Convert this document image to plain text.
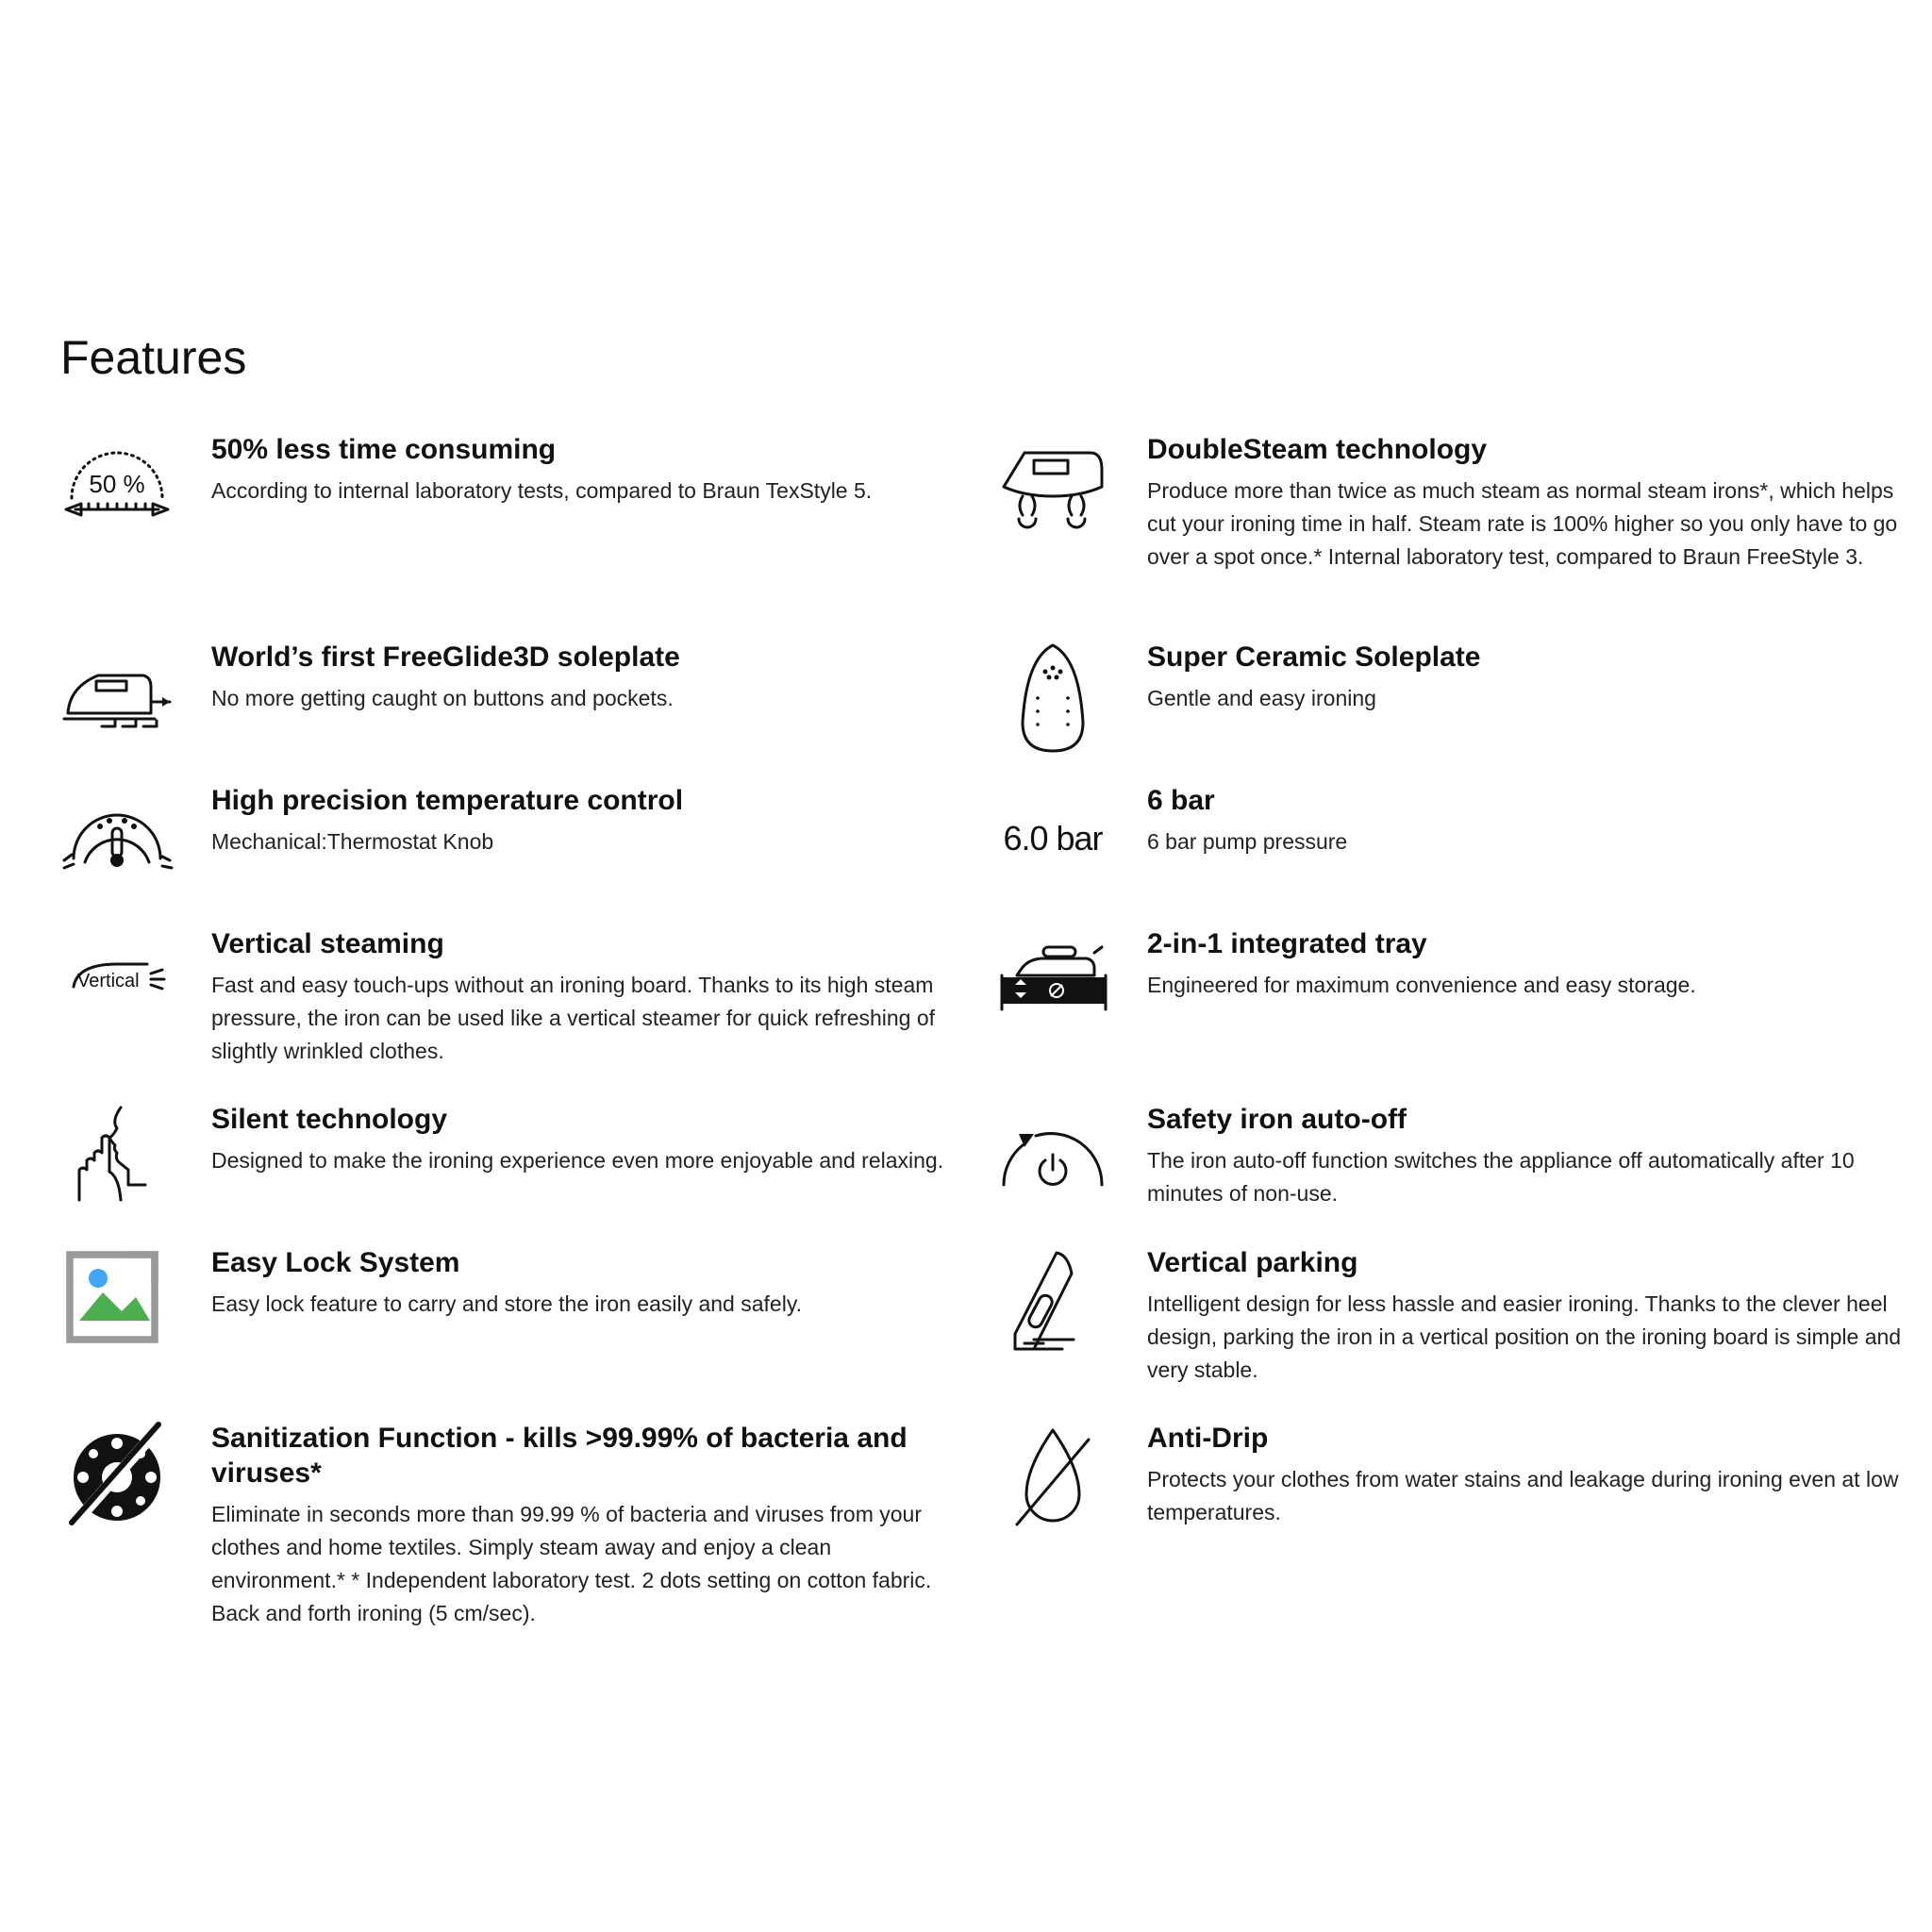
Features
50 %
50% less time consuming

According to internal laboratory tests, compared to Braun TexStyle 5.

DoubleSteam technology

Produce more than twice as much steam as normal steam irons*, which helps cut your ironing time in half. Steam rate is 100% higher so you only have to go over a spot once.* Internal laboratory test, compared to Braun FreeStyle 3.

World’s first FreeGlide3D soleplate

No more getting caught on buttons and pockets.

Super Ceramic Soleplate

Gentle and easy ironing

High precision temperature control

Mechanical:Thermostat Knob	6.0 bar
6 bar

6 bar pump pressure

Vertical
Vertical steaming

Fast and easy touch-ups without an ironing board. Thanks to its high steam pressure, the iron can be used like a vertical steamer for quick refreshing of slightly wrinkled clothes.

2-in-1 integrated tray

Engineered for maximum convenience and easy storage.

Silent technology

Designed to make the ironing experience even more enjoyable and relaxing.

Safety iron auto-off

The iron auto-off function switches the appliance off automatically after 10 minutes of non-use.

Easy Lock System

Easy lock feature to carry and store the iron easily and safely.

Vertical parking

Intelligent design for less hassle and easier ironing. Thanks to the clever heel design, parking the iron in a vertical position on the ironing board is simple and very stable.

Sanitization Function - kills >99.99% of bacteria and viruses*

Eliminate in seconds more than 99.99 % of bacteria and viruses from your clothes and home textiles. Simply steam away and enjoy a clean environment.* * Independent laboratory test. 2 dots setting on cotton fabric. Back and forth ironing (5 cm/sec).

Anti-Drip

Protects your clothes from water stains and leakage during ironing even at low temperatures.
